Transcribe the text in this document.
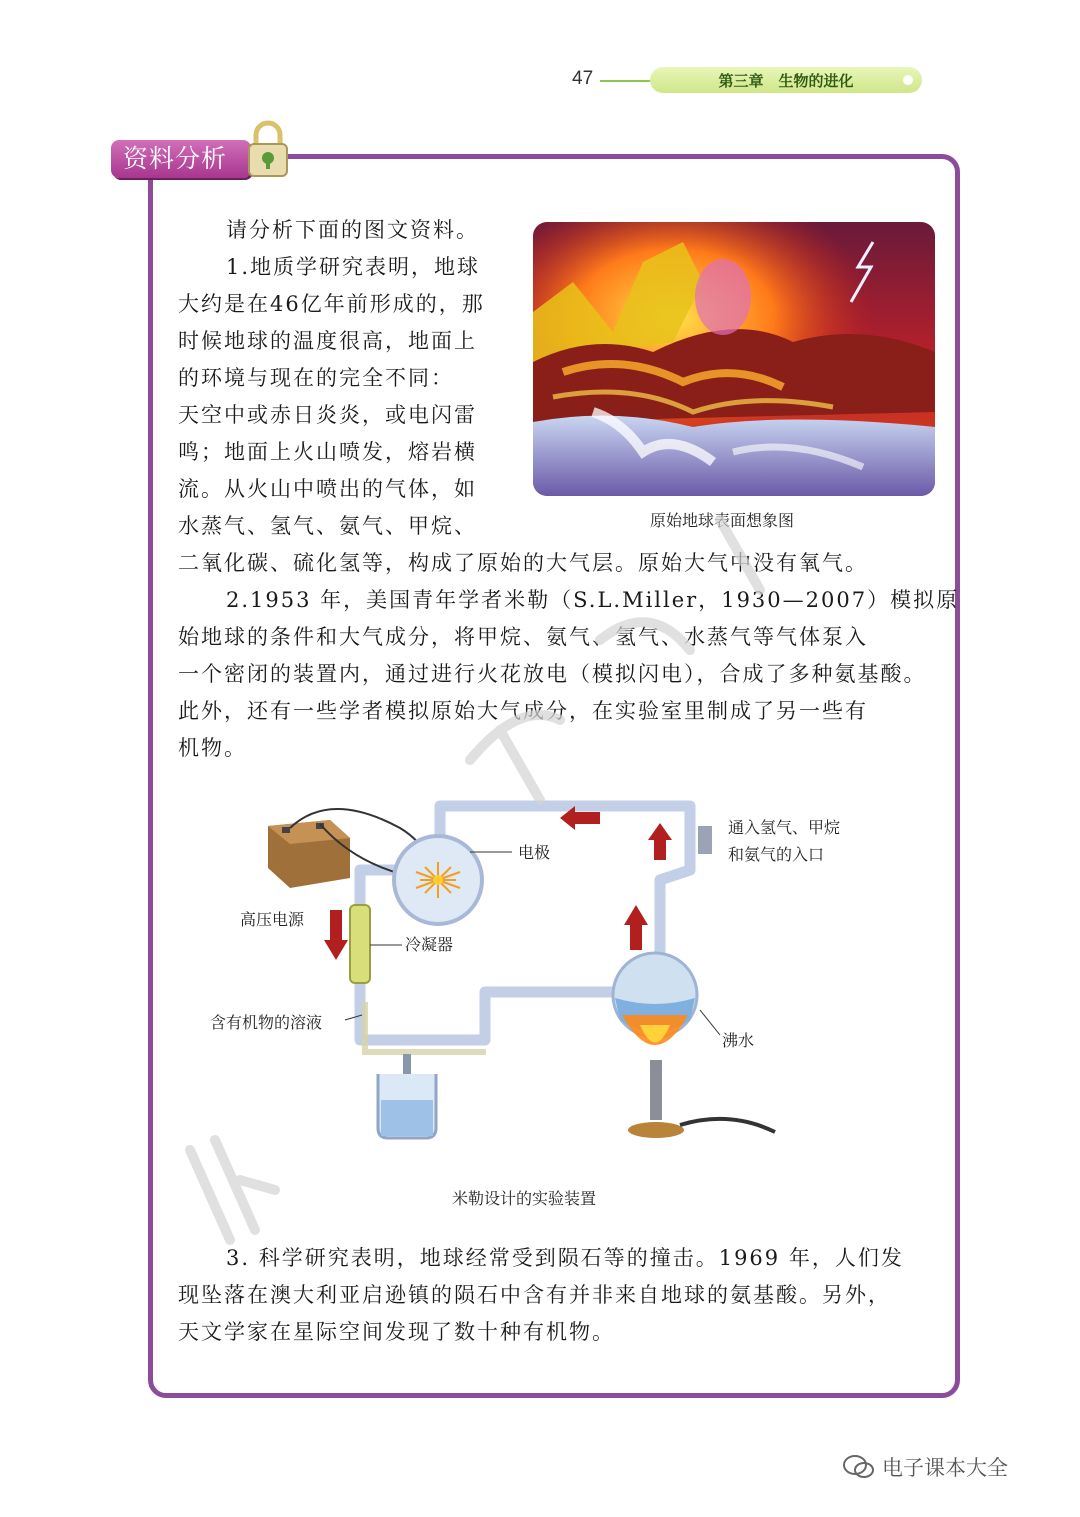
47	第三章　生物的进化
资料分析
请分析下面的图文资料。
1.地质学研究表明，地球
大约是在46亿年前形成的，那
时候地球的温度很高，地面上
的环境与现在的完全不同：
天空中或赤日炎炎，或电闪雷
鸣；地面上火山喷发，熔岩横
流。从火山中喷出的气体，如
水蒸气、氢气、氨气、甲烷、
二氧化碳、硫化氢等，构成了原始的大气层。原始大气中没有氧气。
原始地球表面想象图
2.1953 年，美国青年学者米勒（S.L.Miller，1930—2007）模拟原
始地球的条件和大气成分，将甲烷、氨气、氢气、水蒸气等气体泵入
一个密闭的装置内，通过进行火花放电（模拟闪电），合成了多种氨基酸。
此外，还有一些学者模拟原始大气成分，在实验室里制成了另一些有
机物。
电极
通入氢气、甲烷
和氨气的入口
高压电源
冷凝器
含有机物的溶液
沸水
米勒设计的实验装置
3. 科学研究表明，地球经常受到陨石等的撞击。1969 年，人们发
现坠落在澳大利亚启逊镇的陨石中含有并非来自地球的氨基酸。另外，
天文学家在星际空间发现了数十种有机物。
电子课本大全
